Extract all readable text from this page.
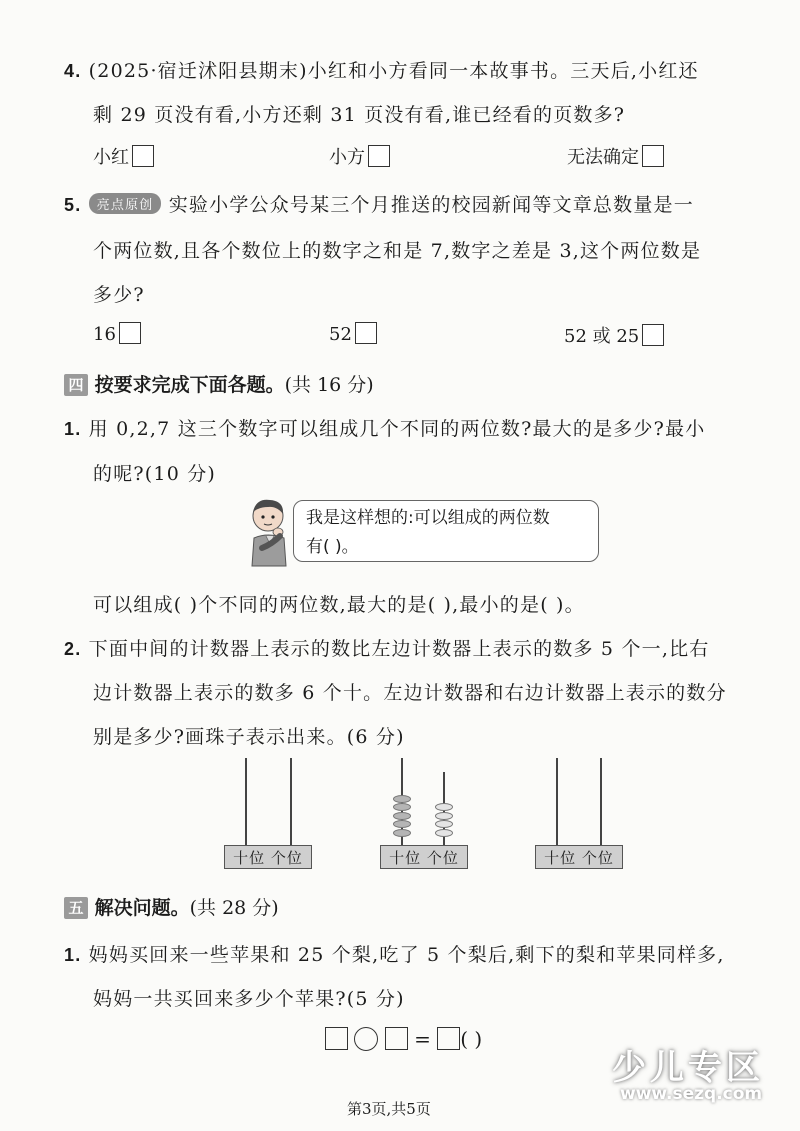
4. (2025·宿迁沭阳县期末)小红和小方看同一本故事书。三天后,小红还
剩 29 页没有看,小方还剩 31 页没有看,谁已经看的页数多?
小红	小方	无法确定
5. 亮点原创 实验小学公众号某三个月推送的校园新闻等文章总数量是一
个两位数,且各个数位上的数字之和是 7,数字之差是 3,这个两位数是
多少?
16	52	52 或 25
四 按要求完成下面各题。(共 16 分)
1. 用 0,2,7 这三个数字可以组成几个不同的两位数?最大的是多少?最小
的呢?(10 分)
我是这样想的:可以组成的两位数
有( )。
可以组成( )个不同的两位数,最大的是( ),最小的是( )。
2. 下面中间的计数器上表示的数比左边计数器上表示的数多 5 个一,比右
边计数器上表示的数多 6 个十。左边计数器和右边计数器上表示的数分
别是多少?画珠子表示出来。(6 分)
十位 个位	十位 个位	十位 个位
五 解决问题。(共 28 分)
1. 妈妈买回来一些苹果和 25 个梨,吃了 5 个梨后,剩下的梨和苹果同样多,
妈妈一共买回来多少个苹果?(5 分)
= ( )
少儿专区
www.sezq.com
第3页,共5页
